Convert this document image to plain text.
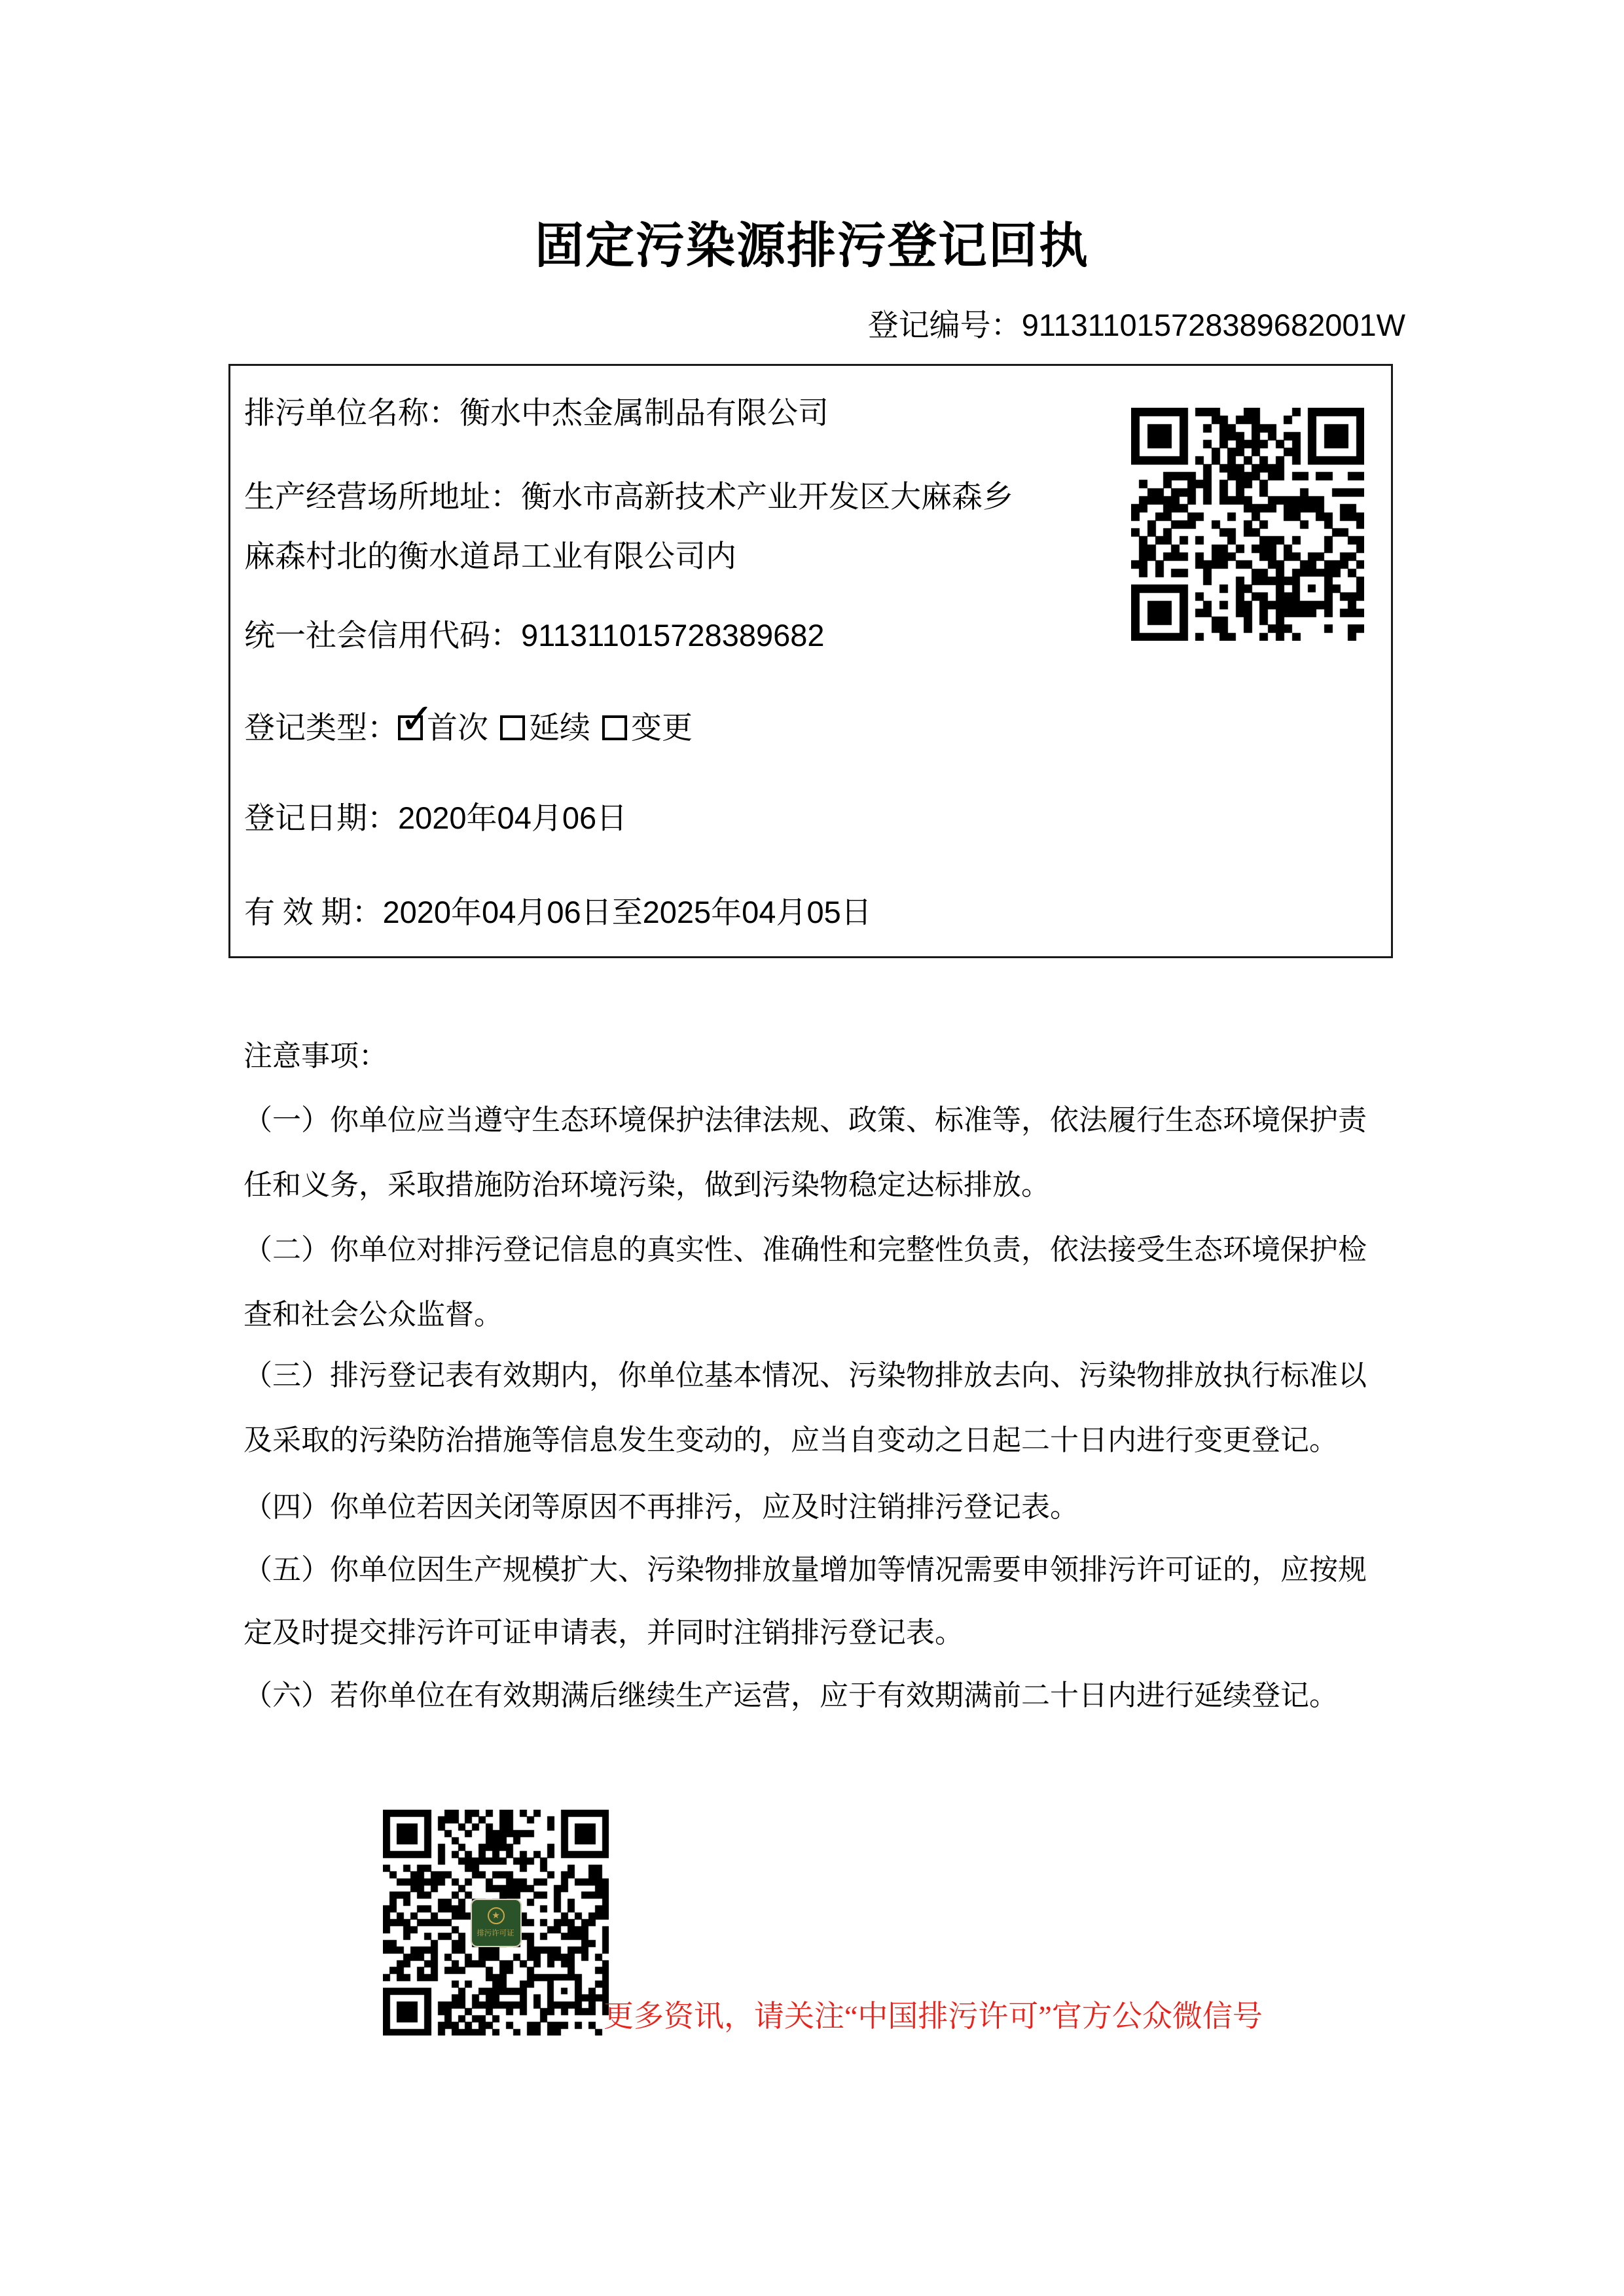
固定污染源排污登记回执
登记编号：911311015728389682001W
排污单位名称：衡水中杰金属制品有限公司
生产经营场所地址：衡水市高新技术产业开发区大麻森乡
麻森村北的衡水道昂工业有限公司内
统一社会信用代码：911311015728389682
登记类型： ✓
首次 延续 变更
登记日期：2020年04月06日
有 效 期：2020年04月06日至2025年04月05日
注意事项：
（一）你单位应当遵守生态环境保护法律法规、政策、标准等，依法履行生态环境保护责
任和义务，采取措施防治环境污染，做到污染物稳定达标排放。
（二）你单位对排污登记信息的真实性、准确性和完整性负责，依法接受生态环境保护检
查和社会公众监督。
（三）排污登记表有效期内，你单位基本情况、污染物排放去向、污染物排放执行标准以
及采取的污染防治措施等信息发生变动的，应当自变动之日起二十日内进行变更登记。
（四）你单位若因关闭等原因不再排污，应及时注销排污登记表。
（五）你单位因生产规模扩大、污染物排放量增加等情况需要申领排污许可证的，应按规
定及时提交排污许可证申请表，并同时注销排污登记表。
（六）若你单位在有效期满后继续生产运营，应于有效期满前二十日内进行延续登记。
★
排污许可证
更多资讯，请关注“中国排污许可”官方公众微信号
